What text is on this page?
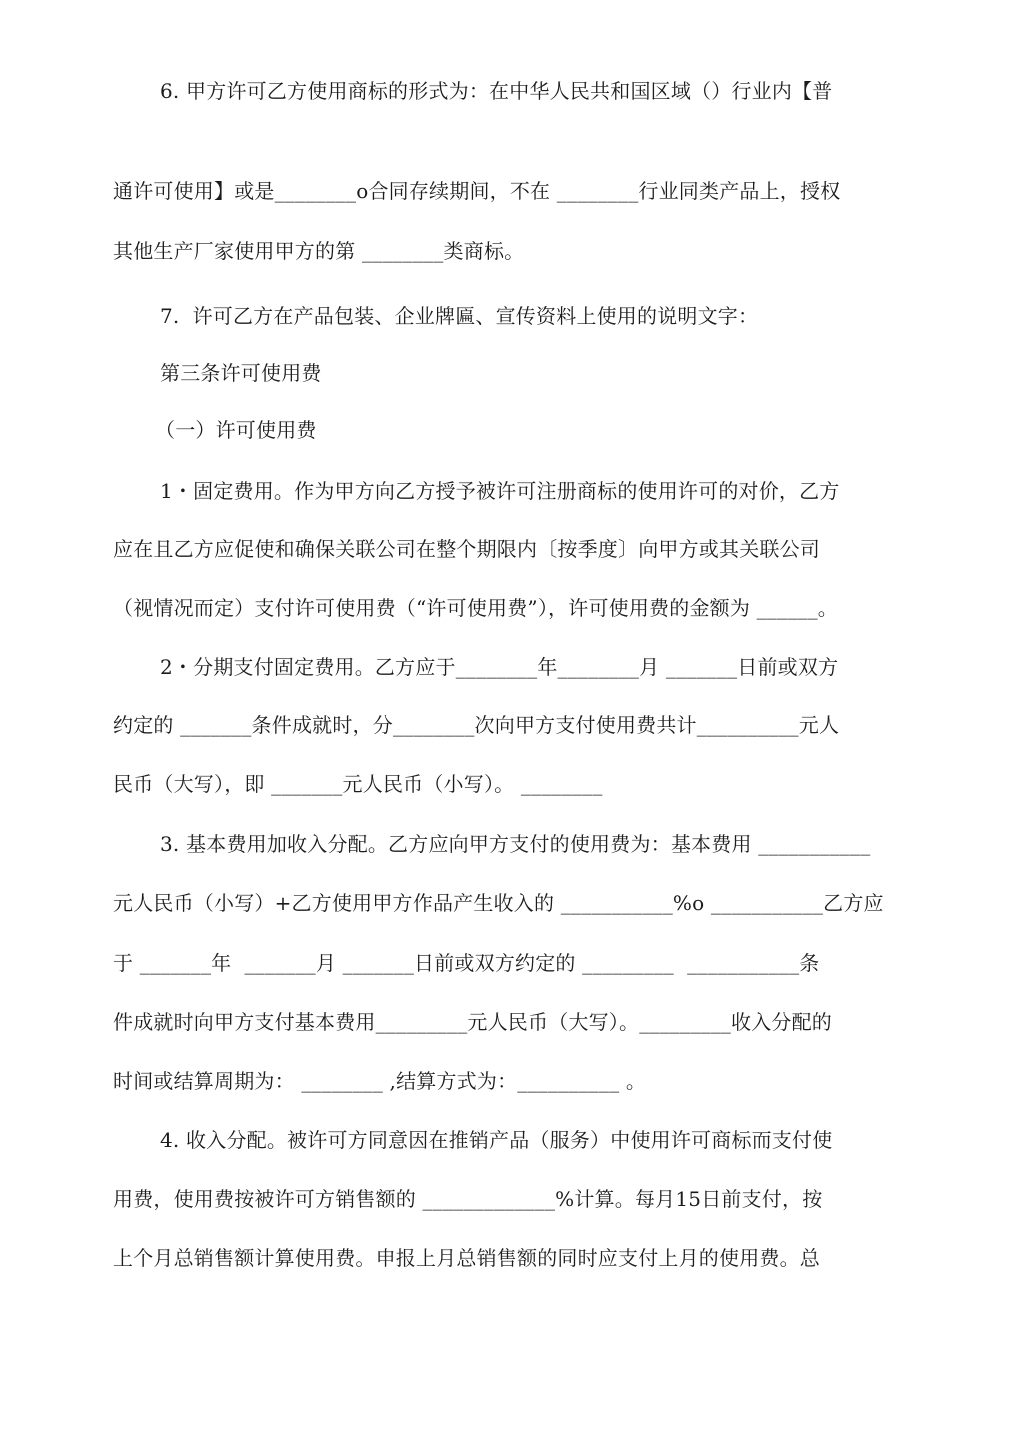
6. 甲方许可乙方使用商标的形式为：在中华人民共和国区域（）行业内【普
通许可使用】或是________o合同存续期间，不在 ________行业同类产品上，授权
其他生产厂家使用甲方的第 ________类商标。
7.  许可乙方在产品包装、企业牌匾、宣传资料上使用的说明文字：
第三条许可使用费
（一）许可使用费
1・固定费用。作为甲方向乙方授予被许可注册商标的使用许可的对价，乙方
应在且乙方应促使和确保关联公司在整个期限内〔按季度〕向甲方或其关联公司
（视情况而定）支付许可使用费（“许可使用费”），许可使用费的金额为 ______。
2・分期支付固定费用。乙方应于________年________月 _______日前或双方
约定的 _______条件成就时，分________次向甲方支付使用费共计__________元人
民币（大写），即 _______元人民币（小写）。 ________
3. 基本费用加收入分配。乙方应向甲方支付的使用费为：基本费用 ___________
元人民币（小写）+乙方使用甲方作品产生收入的 ___________%o ___________乙方应
于 _______年  _______月 _______日前或双方约定的 _________  ___________条
件成就时向甲方支付基本费用_________元人民币（大写）。_________收入分配的
时间或结算周期为： ________ ,结算方式为：__________ 。
4. 收入分配。被许可方同意因在推销产品（服务）中使用许可商标而支付使
用费，使用费按被许可方销售额的 _____________%计算。每月15日前支付，按
上个月总销售额计算使用费。申报上月总销售额的同时应支付上月的使用费。总
